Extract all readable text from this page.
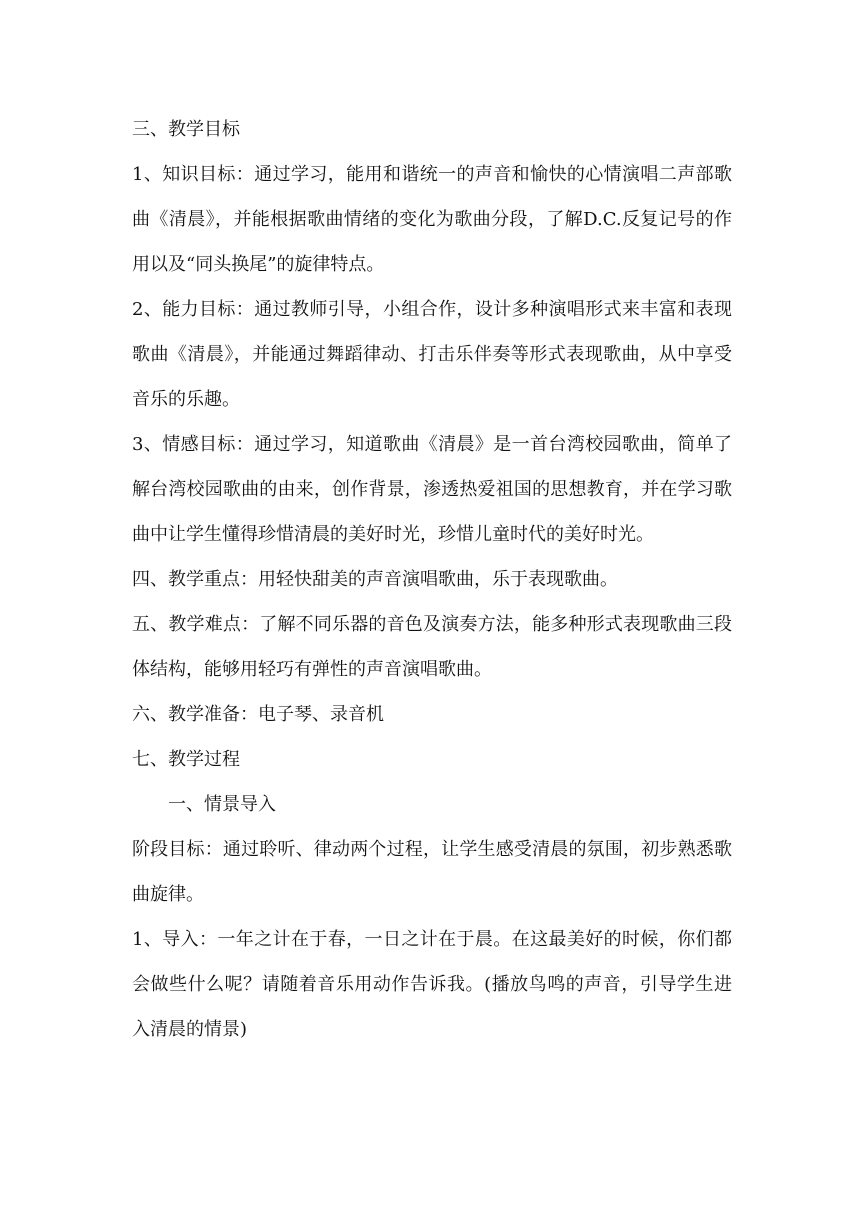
三、教学目标

1、知识目标：通过学习，能用和谐统一的声音和愉快的心情演唱二声部歌曲《清晨》，并能根据歌曲情绪的变化为歌曲分段，了解D.C.反复记号的作用以及“同头换尾”的旋律特点。

2、能力目标：通过教师引导，小组合作，设计多种演唱形式来丰富和表现歌曲《清晨》，并能通过舞蹈律动、打击乐伴奏等形式表现歌曲，从中享受音乐的乐趣。

3、情感目标：通过学习，知道歌曲《清晨》是一首台湾校园歌曲，简单了解台湾校园歌曲的由来，创作背景，渗透热爱祖国的思想教育，并在学习歌曲中让学生懂得珍惜清晨的美好时光，珍惜儿童时代的美好时光。

四、教学重点：用轻快甜美的声音演唱歌曲，乐于表现歌曲。

五、教学难点：了解不同乐器的音色及演奏方法，能多种形式表现歌曲三段体结构，能够用轻巧有弹性的声音演唱歌曲。

六、教学准备：电子琴、录音机

七、教学过程

一、情景导入

阶段目标：通过聆听、律动两个过程，让学生感受清晨的氛围，初步熟悉歌曲旋律。

1、导入：一年之计在于春，一日之计在于晨。在这最美好的时候，你们都会做些什么呢？请随着音乐用动作告诉我。(播放鸟鸣的声音，引导学生进入清晨的情景)
